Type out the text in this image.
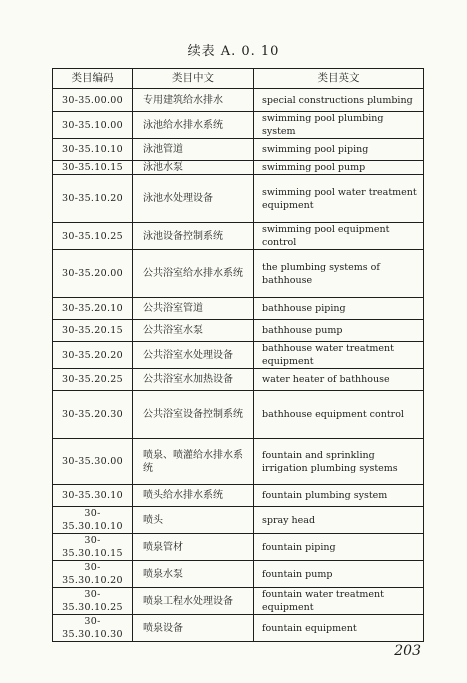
续表 A. 0. 10
类目编码	类目中文	类目英文
30-35.00.00	专用建筑给水排水	special constructions plumbing
30-35.10.00	泳池给水排水系统	swimming pool plumbing system
30-35.10.10	泳池管道	swimming pool piping
30-35.10.15	泳池水泵	swimming pool pump
30-35.10.20	泳池水处理设备	swimming pool water treatment equipment
30-35.10.25	泳池设备控制系统	swimming pool equipment control
30-35.20.00	公共浴室给水排水系统	the plumbing systems of bathhouse
30-35.20.10	公共浴室管道	bathhouse piping
30-35.20.15	公共浴室水泵	bathhouse pump
30-35.20.20	公共浴室水处理设备	bathhouse water treatment equipment
30-35.20.25	公共浴室水加热设备	water heater of bathhouse
30-35.20.30	公共浴室设备控制系统	bathhouse equipment control
30-35.30.00	喷泉、喷灌给水排水系统	fountain and sprinkling irrigation plumbing systems
30-35.30.10	喷头给水排水系统	fountain plumbing system
30-35.30.10.10	喷头	spray head
30-35.30.10.15	喷泉管材	fountain piping
30-35.30.10.20	喷泉水泵	fountain pump
30-35.30.10.25	喷泉工程水处理设备	fountain water treatment equipment
30-35.30.10.30	喷泉设备	fountain equipment
203
